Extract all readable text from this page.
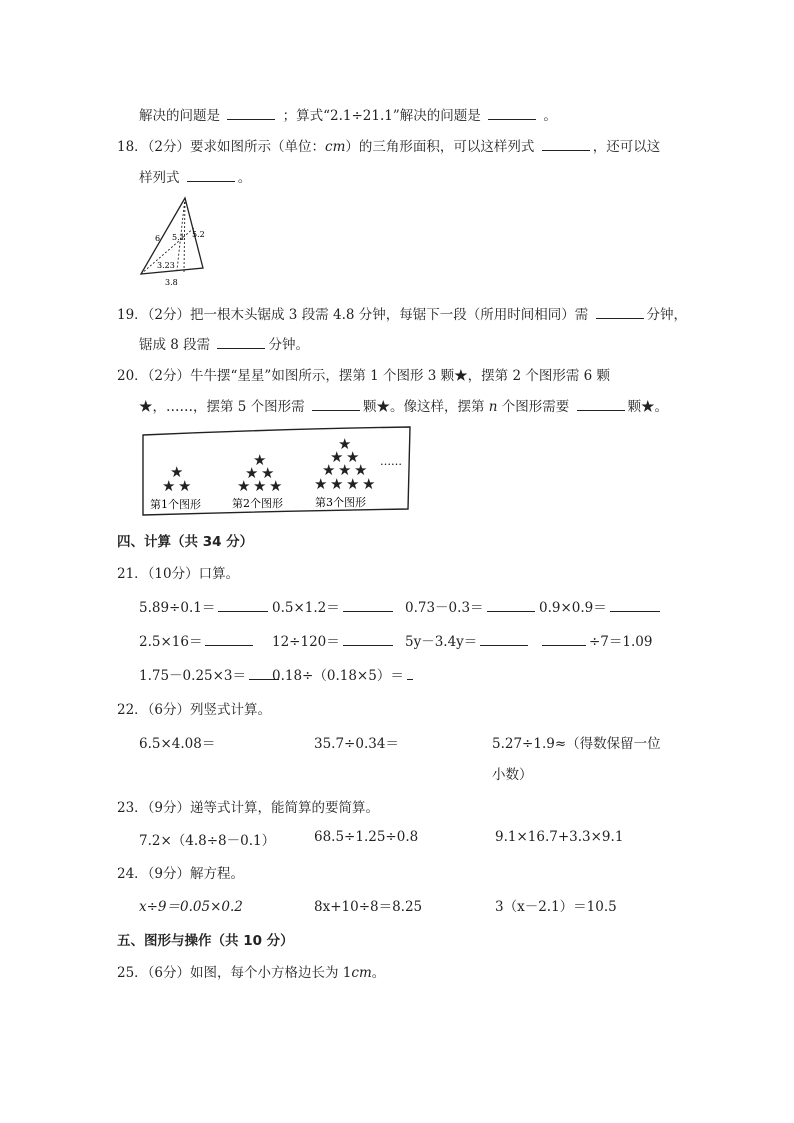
解决的问题是	；算式“2.1÷21.1”解决的问题是	。
18．（2分）要求如图所示（单位：cm）的三角形面积，可以这样列式	，还可以这
样列式	。
6 5.1 5.2
3.23
3.8
19．（2分）把一根木头锯成 3 段需 4.8 分钟，每锯下一段（所用时间相同）需	分钟，
锯成 8 段需	分钟。
20．（2分）牛牛摆“星星”如图所示，摆第 1 个图形 3 颗★，摆第 2 个图形需 6 颗
★，……，摆第 5 个图形需	颗★。像这样，摆第 n 个图形需要	颗★。
★
★ ★
★
★ ★
★ ★ ★
★
★ ★
★ ★ ★
★ ★ ★ ★
……
第1个图形	第2个图形	第3个图形
四、计算（共 34 分）
21．（10分）口算。
5.89÷0.1＝	0.5×1.2＝	0.73－0.3＝	0.9×0.9＝
2.5×16＝	12÷120＝	5y－3.4y＝	÷7＝1.09
1.75－0.25×3＝	0.18÷（0.18×5）＝
22．（6分）列竖式计算。
6.5×4.08＝	35.7÷0.34＝	5.27÷1.9≈（得数保留一位
小数）
23．（9分）递等式计算，能简算的要简算。
7.2×（4.8÷8－0.1）	68.5÷1.25÷0.8	9.1×16.7+3.3×9.1
24．（9分）解方程。
x÷9＝0.05×0.2	8x+10÷8＝8.25	3（x－2.1）＝10.5
五、图形与操作（共 10 分）
25．（6分）如图，每个小方格边长为 1cm。
